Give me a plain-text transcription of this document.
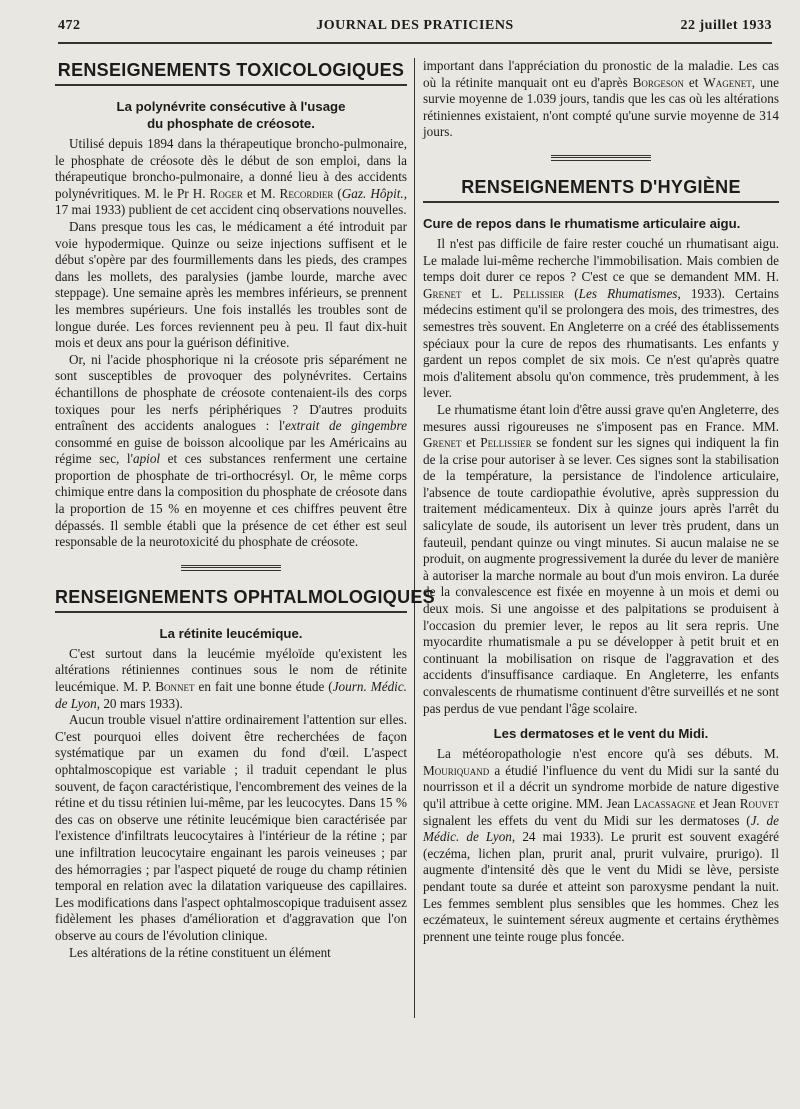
472	JOURNAL DES PRATICIENS	22 juillet 1933
RENSEIGNEMENTS TOXICOLOGIQUES
La polynévrite consécutive à l'usage du phosphate de créosote.

Utilisé depuis 1894 dans la thérapeutique broncho-pulmonaire, le phosphate de créosote dès le début de son emploi, dans la thérapeutique broncho-pulmonaire, a donné lieu à des accidents polynévritiques. M. le Pr H. Roger et M. Recordier (Gaz. Hôpit., 17 mai 1933) publient de cet accident cinq observations nouvelles.

Dans presque tous les cas, le médicament a été introduit par voie hypodermique. Quinze ou seize injections suffisent et le début s'opère par des fourmillements dans les pieds, des crampes dans les mollets, des paralysies (jambe lourde, marche avec steppage). Une semaine après les membres inférieurs, se prennent les membres supérieurs. Une fois installés les troubles sont de longue durée. Les forces reviennent peu à peu. Il faut dix-huit mois et deux ans pour la guérison définitive.

Or, ni l'acide phosphorique ni la créosote pris séparément ne sont susceptibles de provoquer des polynévrites. Certains échantillons de phosphate de créosote contenaient-ils des corps toxiques pour les nerfs périphériques ? D'autres produits entraînent des accidents analogues : l'extrait de gingembre consommé en guise de boisson alcoolique par les Américains au régime sec, l'apiol et ces substances renferment une certaine proportion de phosphate de tri-orthocrésyl. Or, le même corps chimique entre dans la composition du phosphate de créosote dans la proportion de 15 % en moyenne et ces chiffres peuvent être dépassés. Il semble établi que la présence de cet éther est seul responsable de la neurotoxicité du phosphate de créosote.

RENSEIGNEMENTS OPHTALMOLOGIQUES
La rétinite leucémique.

C'est surtout dans la leucémie myéloïde qu'existent les altérations rétiniennes continues sous le nom de rétinite leucémique. M. P. Bonnet en fait une bonne étude (Journ. Médic. de Lyon, 20 mars 1933).

Aucun trouble visuel n'attire ordinairement l'attention sur elles. C'est pourquoi elles doivent être recherchées de façon systématique par un examen du fond d'œil. L'aspect ophtalmoscopique est variable ; il traduit cependant le plus souvent, de façon caractéristique, l'encombrement des veines de la rétine et du tissu rétinien lui-même, par les leucocytes. Dans 15 % des cas on observe une rétinite leucémique bien caractérisée par l'existence d'infiltrats leucocytaires à l'intérieur de la rétine ; par une infiltration leucocytaire engainant les parois veineuses ; par des hémorragies ; par l'aspect piqueté de rouge du champ rétinien temporal en relation avec la dilatation variqueuse des capillaires. Les modifications dans l'aspect ophtalmoscopique traduisent assez fidèlement les phases d'amélioration et d'aggravation que l'on observe au cours de l'évolution clinique.

Les altérations de la rétine constituent un élément

important dans l'appréciation du pronostic de la maladie. Les cas où la rétinite manquait ont eu d'après Borgeson et Wagenet, une survie moyenne de 1.039 jours, tandis que les cas où les altérations rétiniennes existaient, n'ont compté qu'une survie moyenne de 314 jours.

RENSEIGNEMENTS D'HYGIÈNE
Cure de repos dans le rhumatisme articulaire aigu.

Il n'est pas difficile de faire rester couché un rhumatisant aigu. Le malade lui-même recherche l'immobilisation. Mais combien de temps doit durer ce repos ? C'est ce que se demandent MM. H. Grenet et L. Pellissier (Les Rhumatismes, 1933). Certains médecins estiment qu'il se prolongera des mois, des trimestres, des semestres très souvent. En Angleterre on a créé des établissements spéciaux pour la cure de repos des rhumatisants. Les enfants y gardent un repos complet de six mois. Ce n'est qu'après quatre mois d'alitement absolu qu'on commence, très prudemment, à les lever.

Le rhumatisme étant loin d'être aussi grave qu'en Angleterre, des mesures aussi rigoureuses ne s'imposent pas en France. MM. Grenet et Pellissier se fondent sur les signes qui indiquent la fin de la crise pour autoriser à se lever. Ces signes sont la stabilisation de la température, la persistance de l'indolence articulaire, l'absence de toute cardiopathie évolutive, après suppression du traitement médicamenteux. Dix à quinze jours après l'arrêt du salicylate de soude, ils autorisent un lever très prudent, dans un fauteuil, pendant quinze ou vingt minutes. Si aucun malaise ne se produit, on augmente progressivement la durée du lever de manière à autoriser la marche normale au bout d'un mois environ. La durée de la convalescence est fixée en moyenne à un mois et demi ou deux mois. Si une angoisse et des palpitations se produisent à l'occasion du premier lever, le repos au lit sera repris. Une myocardite rhumatismale a pu se développer à petit bruit et en continuant la mobilisation on risque de l'aggravation et des accidents d'insuffisance cardiaque. En Angleterre, les enfants convalescents de rhumatisme continuent d'être surveillés et ne sont pas perdus de vue pendant l'âge scolaire.

Les dermatoses et le vent du Midi.

La météoropathologie n'est encore qu'à ses débuts. M. Mouriquand a étudié l'influence du vent du Midi sur la santé du nourrisson et il a décrit un syndrome morbide de nature digestive qu'il attribue à cette origine. MM. Jean Lacassagne et Jean Rouvet signalent les effets du vent du Midi sur les dermatoses (J. de Médic. de Lyon, 24 mai 1933). Le prurit est souvent exagéré (eczéma, lichen plan, prurit anal, prurit vulvaire, prurigo). Il augmente d'intensité dès que le vent du Midi se lève, persiste pendant toute sa durée et atteint son paroxysme pendant la nuit. Les femmes semblent plus sensibles que les hommes. Chez les eczémateux, le suintement séreux augmente et certains érythèmes prennent une teinte rouge plus foncée.
